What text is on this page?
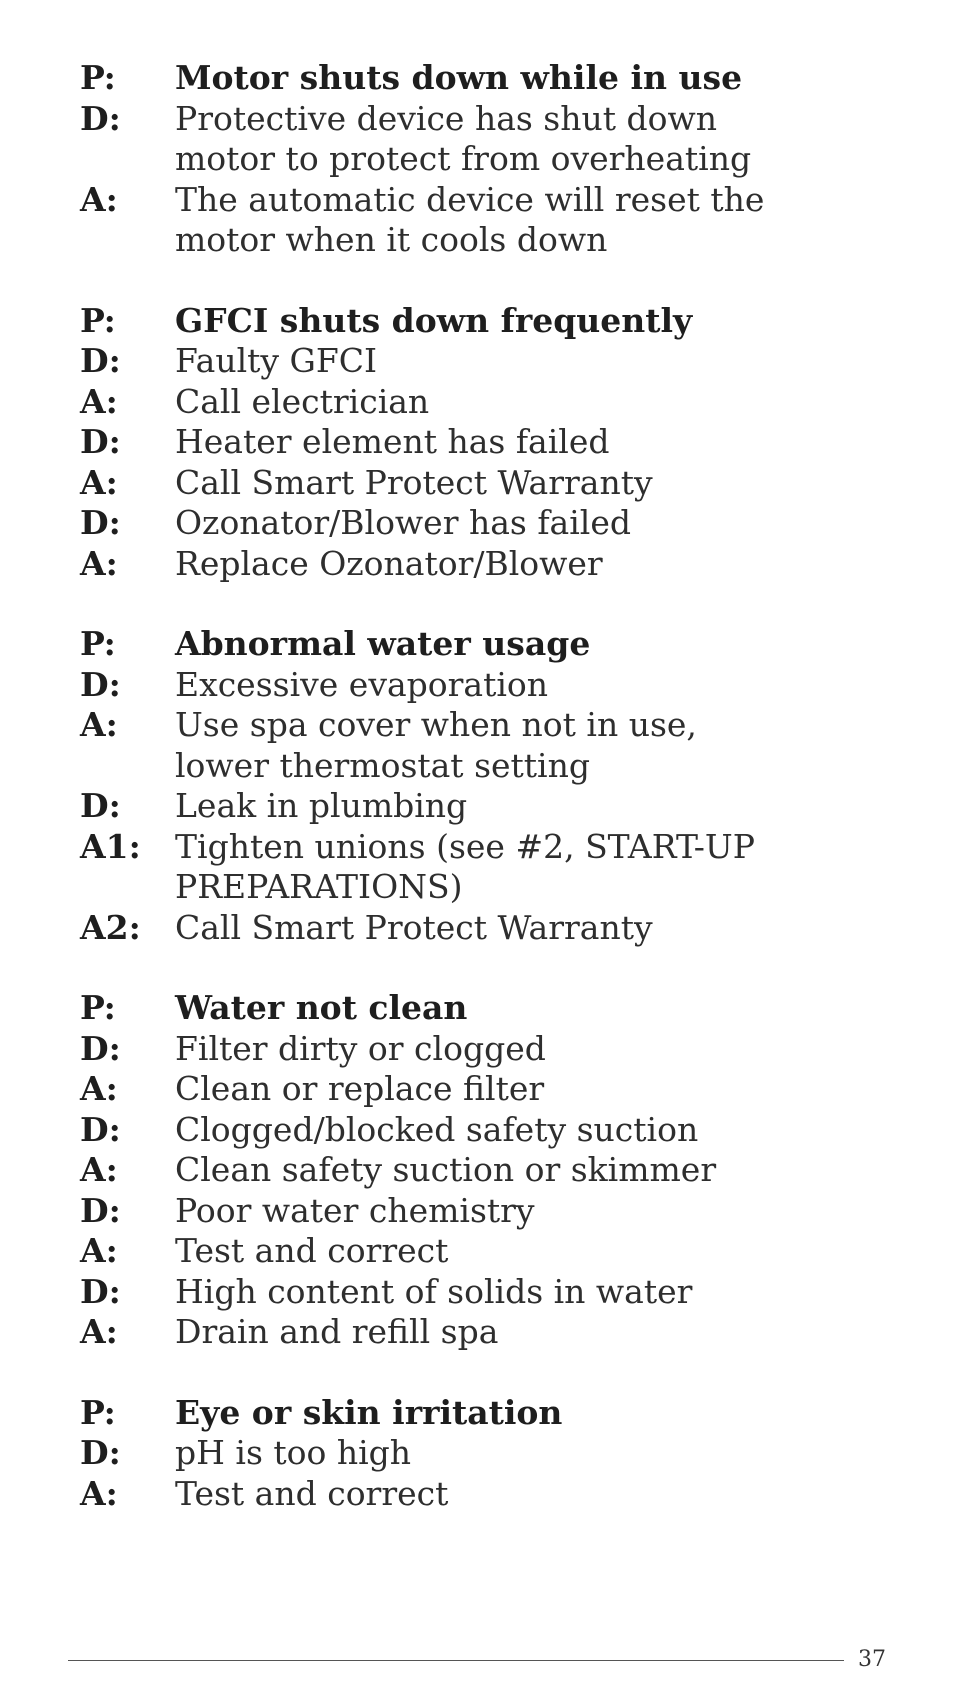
P:	Motor shuts down while in use
D:	Protective device has shut down
motor to protect from overheating
A:	The automatic device will reset the
motor when it cools down
P:	GFCI shuts down frequently
D:	Faulty GFCI
A:	Call electrician
D:	Heater element has failed
A:	Call Smart Protect Warranty
D:	Ozonator/Blower has failed
A:	Replace Ozonator/Blower
P:	Abnormal water usage
D:	Excessive evaporation
A:	Use spa cover when not in use,
lower thermostat setting
D:	Leak in plumbing
A1:	Tighten unions (see #2, START-UP
PREPARATIONS)
A2:	Call Smart Protect Warranty
P:	Water not clean
D:	Filter dirty or clogged
A:	Clean or replace filter
D:	Clogged/blocked safety suction
A:	Clean safety suction or skimmer
D:	Poor water chemistry
A:	Test and correct
D:	High content of solids in water
A:	Drain and refill spa
P:	Eye or skin irritation
D:	pH is too high
A:	Test and correct
37
